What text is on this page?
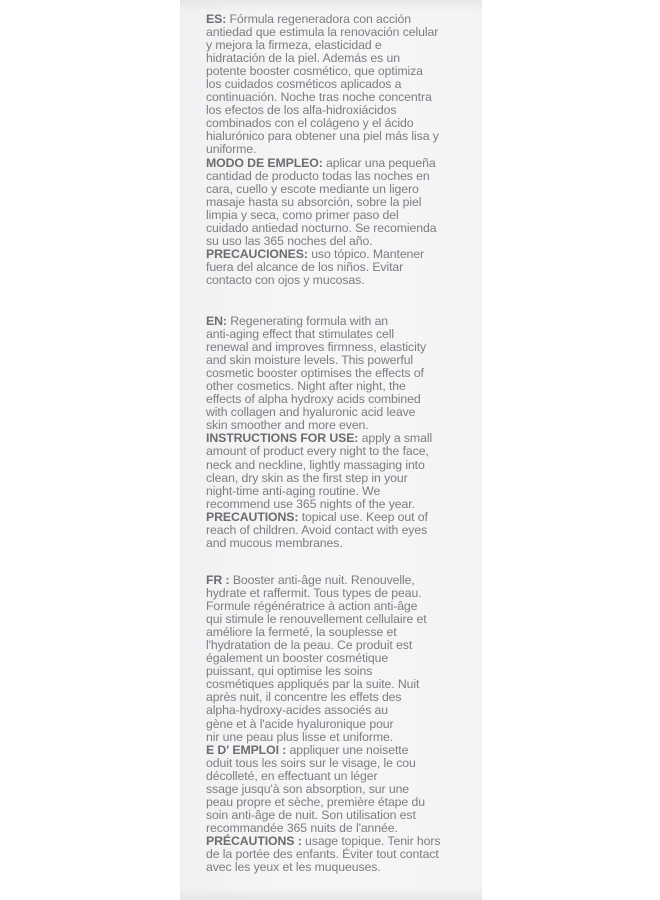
ES: Fórmula regeneradora con acción
antiedad que estimula la renovación celular
y mejora la firmeza, elasticidad e
hidratación de la piel. Además es un
potente booster cosmético, que optimiza
los cuidados cosméticos aplicados a
continuación. Noche tras noche concentra
los efectos de los alfa-hidroxiácidos
combinados con el colágeno y el ácido
hialurónico para obtener una piel más lisa y
uniforme.
MODO DE EMPLEO: aplicar una pequeña
cantidad de producto todas las noches en
cara, cuello y escote mediante un ligero
masaje hasta su absorción, sobre la piel
limpia y seca, como primer paso del
cuidado antiedad nocturno. Se recomienda
su uso las 365 noches del año.
PRECAUCIONES: uso tópico. Mantener
fuera del alcance de los niños. Evitar
contacto con ojos y mucosas.
EN: Regenerating formula with an
anti-aging effect that stimulates cell
renewal and improves firmness, elasticity
and skin moisture levels. This powerful
cosmetic booster optimises the effects of
other cosmetics. Night after night, the
effects of alpha hydroxy acids combined
with collagen and hyaluronic acid leave
skin smoother and more even.
INSTRUCTIONS FOR USE: apply a small
amount of product every night to the face,
neck and neckline, lightly massaging into
clean, dry skin as the first step in your
night-time anti-aging routine. We
recommend use 365 nights of the year.
PRECAUTIONS: topical use. Keep out of
reach of children. Avoid contact with eyes
and mucous membranes.
FR : Booster anti-âge nuit. Renouvelle,
hydrate et raffermit. Tous types de peau.
Formule régénératrice à action anti-âge
qui stimule le renouvellement cellulaire et
améliore la fermeté, la souplesse et
l'hydratation de la peau. Ce produit est
également un booster cosmétique
puissant, qui optimise les soins
cosmétiques appliqués par la suite. Nuit
après nuit, il concentre les effets des
alpha-hydroxy-acides associés au
gène et à l'acide hyaluronique pour
nir une peau plus lisse et uniforme.
E D' EMPLOI : appliquer une noisette
oduit tous les soirs sur le visage, le cou
décolleté, en effectuant un léger
ssage jusqu'à son absorption, sur une
peau propre et sèche, première étape du
soin anti-âge de nuit. Son utilisation est
recommandée 365 nuits de l'année.
PRÉCAUTIONS : usage topique. Tenir hors
de la portée des enfants. Éviter tout contact
avec les yeux et les muqueuses.
